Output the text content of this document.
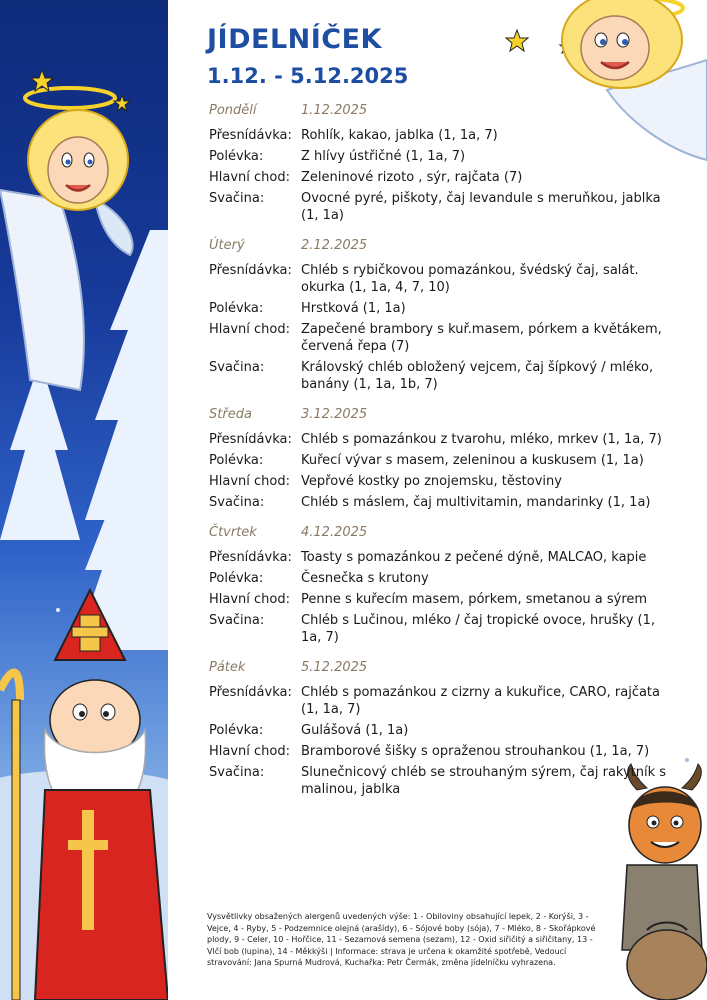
JÍDELNÍČEK
1.12. - 5.12.2025
Pondělí	1.12.2025
Přesnídávka: Rohlík, kakao, jablka (1, 1a, 7)
Polévka:	Z hlívy ústřičné (1, 1a, 7)
Hlavní chod: Zeleninové rizoto , sýr, rajčata (7)
Svačina:	Ovocné pyré, piškoty, čaj levandule s meruňkou, jablka (1, 1a)
Úterý	2.12.2025
Přesnídávka: Chléb s rybičkovou pomazánkou, švédský čaj, salát. okurka (1, 1a, 4, 7, 10)
Polévka:	Hrstková (1, 1a)
Hlavní chod: Zapečené brambory s kuř.masem, pórkem a květákem, červená řepa (7)
Svačina:	Královský chléb obložený vejcem, čaj šípkový / mléko, banány (1, 1a, 1b, 7)
Středa	3.12.2025
Přesnídávka: Chléb s pomazánkou z tvarohu, mléko, mrkev (1, 1a, 7)
Polévka:	Kuřecí vývar s masem, zeleninou a kuskusem (1, 1a)
Hlavní chod: Vepřové kostky po znojemsku, těstoviny
Svačina:	Chléb s máslem, čaj multivitamin, mandarinky (1, 1a)
Čtvrtek	4.12.2025
Přesnídávka: Toasty s pomazánkou z pečené dýně, MALCAO, kapie
Polévka:	Česnečka s krutony
Hlavní chod: Penne s kuřecím masem, pórkem, smetanou a sýrem
Svačina:	Chléb s Lučinou, mléko / čaj tropické ovoce, hrušky (1, 1a, 7)
Pátek	5.12.2025
Přesnídávka: Chléb s pomazánkou z cizrny a kukuřice, CARO, rajčata (1, 1a, 7)
Polévka:	Gulášová (1, 1a)
Hlavní chod: Bramborové šišky s opraženou strouhankou (1, 1a, 7)
Svačina:	Slunečnicový chléb se strouhaným sýrem, čaj rakytník s malinou, jablka
Vysvětlivky obsažených alergenů uvedených výše: 1 - Obiloviny obsahující lepek, 2 - Korýši, 3 - Vejce, 4 - Ryby, 5 - Podzemnice olejná (arašídy), 6 - Sójové boby (sója), 7 - Mléko, 8 - Skořápkové plody, 9 - Celer, 10 - Hořčice, 11 - Sezamová semena (sezam), 12 - Oxid siřičitý a siřičitany, 13 - Vlčí bob (lupina), 14 - Měkkýši | Informace: strava je určena k okamžité spotřebě, Vedoucí stravování: Jana Spurná Mudrová, Kuchařka: Petr Čermák, změna jídelníčku vyhrazena.
